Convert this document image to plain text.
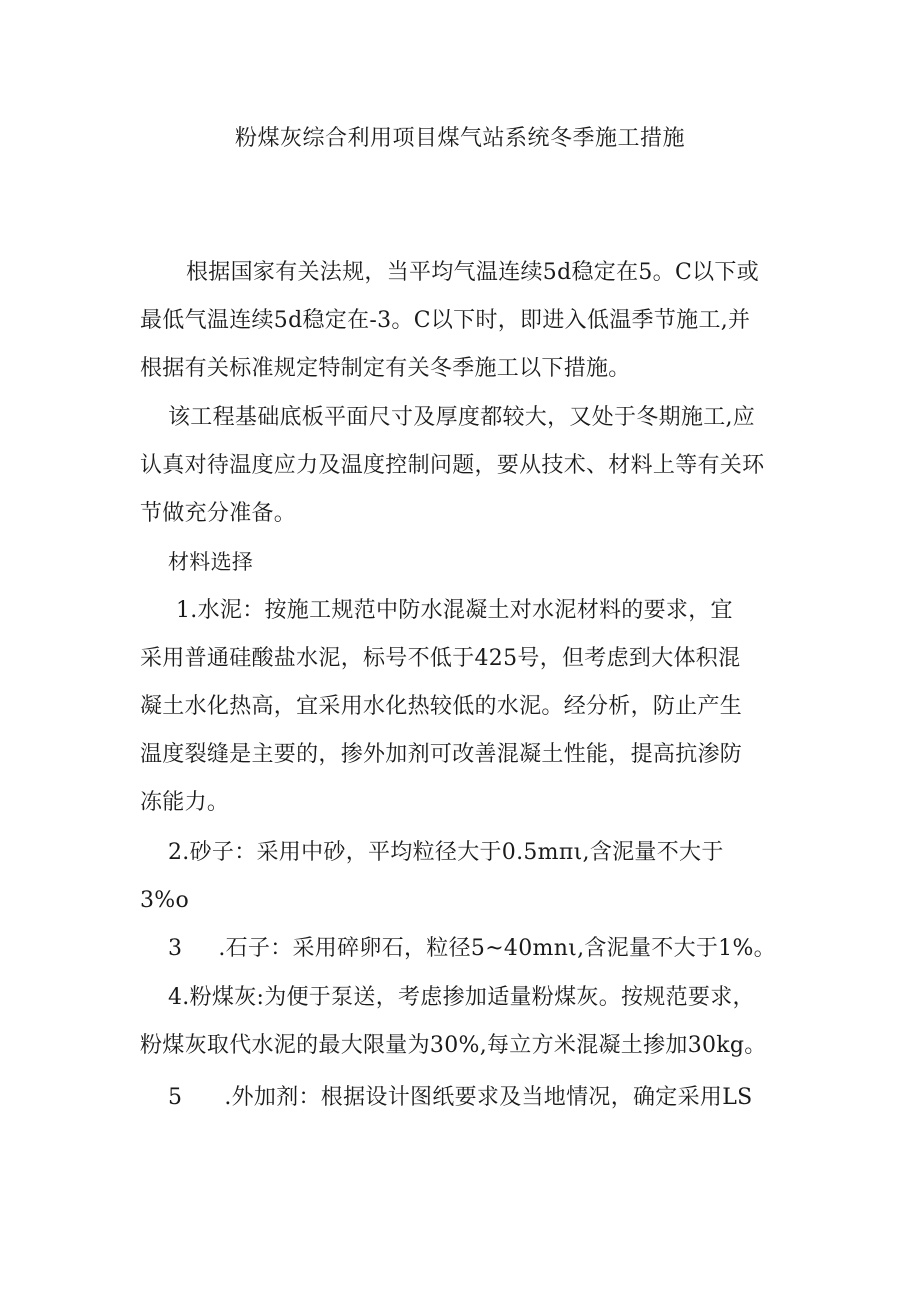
粉煤灰综合利用项目煤气站系统冬季施工措施
根据国家有关法规，当平均气温连续5d稳定在5。C以下或
最低气温连续5d稳定在-3。C以下时，即进入低温季节施工,并
根据有关标准规定特制定有关冬季施工以下措施。
该工程基础底板平面尺寸及厚度都较大，又处于冬期施工,应
认真对待温度应力及温度控制问题，要从技术、材料上等有关环
节做充分准备。
材料选择
1.水泥：按施工规范中防水混凝土对水泥材料的要求，宜
采用普通硅酸盐水泥，标号不低于425号，但考虑到大体积混
凝土水化热高，宜采用水化热较低的水泥。经分析，防止产生
温度裂缝是主要的，掺外加剂可改善混凝土性能，提高抗渗防
冻能力。
2.砂子：采用中砂，平均粒径大于0.5mπι,含泥量不大于
3%o
3 .石子：采用碎卵石，粒径5~40mnι,含泥量不大于1%。
4.粉煤灰:为便于泵送，考虑掺加适量粉煤灰。按规范要求，
粉煤灰取代水泥的最大限量为30%,每立方米混凝土掺加30kg。
5 .外加剂：根据设计图纸要求及当地情况，确定采用LS
